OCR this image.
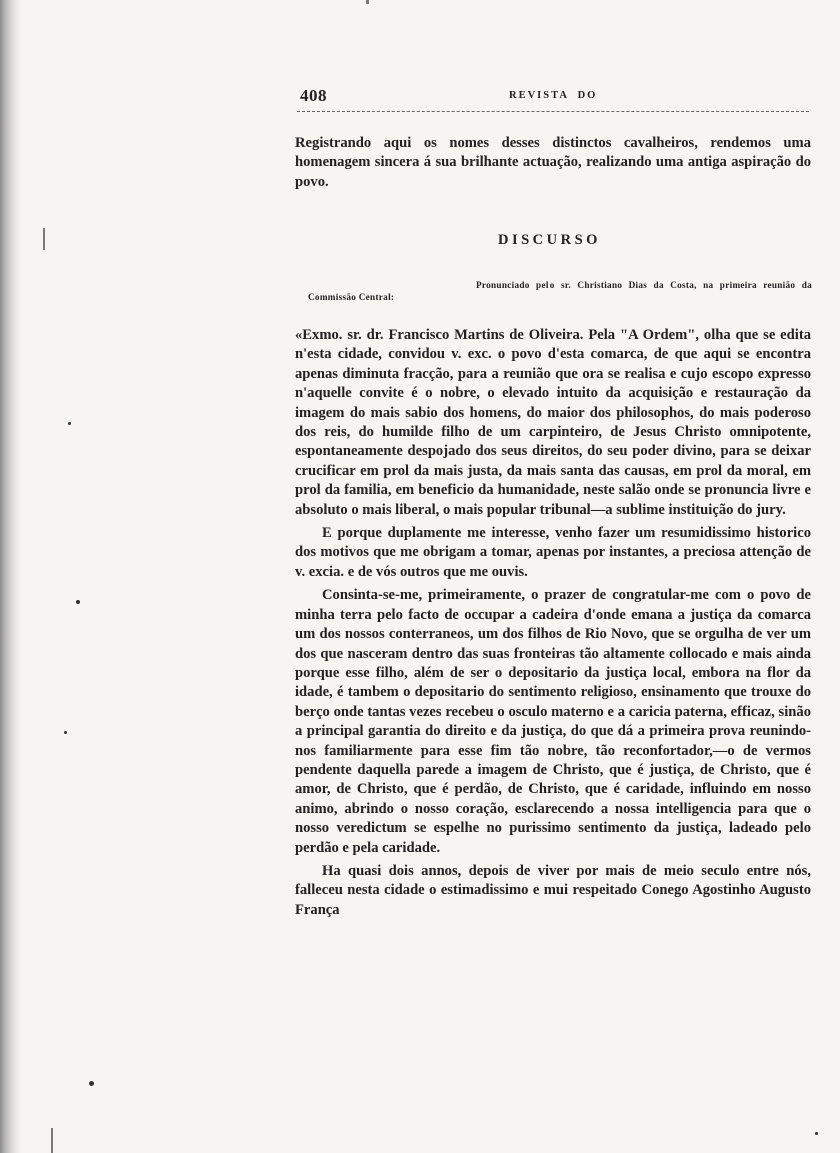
408	REVISTA  DO
Registrando aqui os nomes desses distinctos cavalheiros, rendemos uma homenagem sincera á sua brilhante actuação, realizando uma antiga aspiração do povo.
DISCURSO
Pronunciado pel o sr. Christiano Dias da Costa, na primeira reunião da Commissão Central:

«Exmo. sr. dr. Francisco Martins de Oliveira. Pela "A Ordem", olha que se edita n'esta cidade, convidou v. exc. o povo d'esta comarca, de que aqui se encontra apenas diminuta fracção, para a reunião que ora se realisa e cujo escopo expresso n'aquelle convite é o nobre, o elevado intuito da acquisição e restauração da imagem do mais sabio dos homens, do maior dos philosophos, do mais poderoso dos reis, do humilde filho de um carpinteiro, de Jesus Christo omnipotente, espontaneamente despojado dos seus direitos, do seu poder divino, para se deixar crucificar em prol da mais justa, da mais santa das causas, em prol da moral, em prol da familia, em beneficio da humanidade, neste salão onde se pronuncia livre e absoluto o mais liberal, o mais popular tribunal—a sublime instituição do jury.

E porque duplamente me interesse, venho fazer um resumidissimo historico dos motivos que me obrigam a tomar, apenas por instantes, a preciosa attenção de v. excia. e de vós outros que me ouvis.

Consinta-se-me, primeiramente, o prazer de congratular-me com o povo de minha terra pelo facto de occupar a cadeira d'onde emana a justiça da comarca um dos nossos conterraneos, um dos filhos de Rio Novo, que se orgulha de ver um dos que nasceram dentro das suas fronteiras tão altamente collocado e mais ainda porque esse filho, além de ser o depositario da justiça local, embora na flor da idade, é tambem o depositario do sentimento religioso, ensinamento que trouxe do berço onde tantas vezes recebeu o osculo materno e a caricia paterna, efficaz, sinão a principal garantia do direito e da justiça, do que dá a primeira prova reunindo-nos familiarmente para esse fim tão nobre, tão reconfortador,—o de vermos pendente daquella parede a imagem de Christo, que é justiça, de Christo, que é amor, de Christo, que é perdão, de Christo, que é caridade, influindo em nosso animo, abrindo o nosso coração, esclarecendo a nossa intelligencia para que o nosso veredictum se espelhe no purissimo sentimento da justiça, ladeado pelo perdão e pela caridade.

Ha quasi dois annos, depois de viver por mais de meio seculo entre nós, falleceu nesta cidade o estimadissimo e mui respeitado Conego Agostinho Augusto França
